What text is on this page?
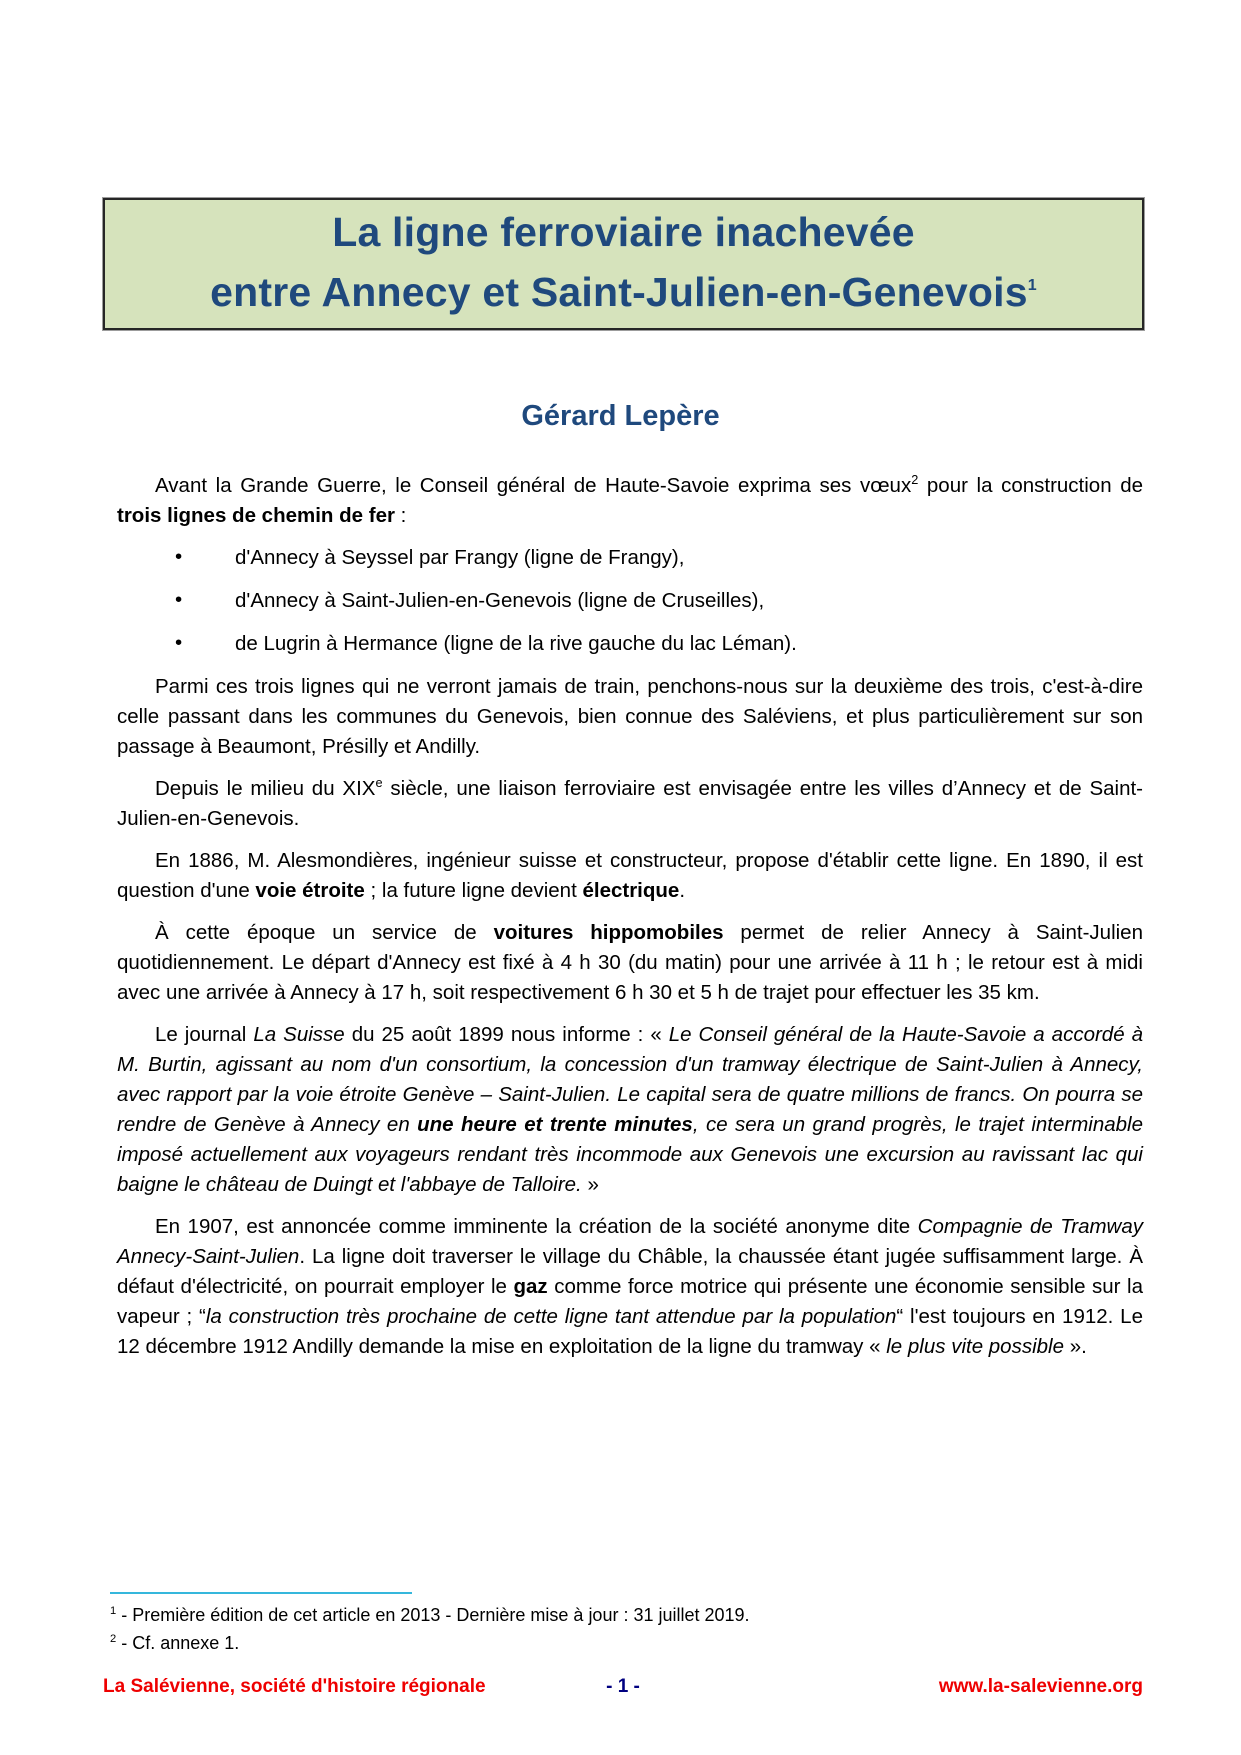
La ligne ferroviaire inachevée
entre Annecy et Saint-Julien-en-Genevois$^1$
Gérard Lepère

Avant la Grande Guerre, le Conseil général de Haute-Savoie exprima ses vœux$^2$ pour la construction de trois lignes de chemin de fer :

•	d'Annecy à Seyssel par Frangy (ligne de Frangy),
•	d'Annecy à Saint-Julien-en-Genevois (ligne de Cruseilles),
•	de Lugrin à Hermance (ligne de la rive gauche du lac Léman).

Parmi ces trois lignes qui ne verront jamais de train, penchons-nous sur la deuxième des trois, c'est-à-dire celle passant dans les communes du Genevois, bien connue des Saléviens, et plus particulièrement sur son passage à Beaumont, Présilly et Andilly.

Depuis le milieu du XIXe siècle, une liaison ferroviaire est envisagée entre les villes d’Annecy et de Saint-Julien-en-Genevois.

En 1886, M. Alesmondières, ingénieur suisse et constructeur, propose d'établir cette ligne. En 1890, il est question d'une voie étroite ; la future ligne devient électrique.

À cette époque un service de voitures hippomobiles permet de relier Annecy à Saint-Julien quotidiennement. Le départ d'Annecy est fixé à 4 h 30 (du matin) pour une arrivée à 11 h ; le retour est à midi avec une arrivée à Annecy à 17 h, soit respectivement 6 h 30 et 5 h de trajet pour effectuer les 35 km.

Le journal La Suisse du 25 août 1899 nous informe : « Le Conseil général de la Haute-Savoie a accordé à M. Burtin, agissant au nom d'un consortium, la concession d'un tramway électrique de Saint-Julien à Annecy, avec rapport par la voie étroite Genève – Saint-Julien. Le capital sera de quatre millions de francs. On pourra se rendre de Genève à Annecy en une heure et trente minutes, ce sera un grand progrès, le trajet interminable imposé actuellement aux voyageurs rendant très incommode aux Genevois une excursion au ravissant lac qui baigne le château de Duingt et l'abbaye de Talloire. »

En 1907, est annoncée comme imminente la création de la société anonyme dite Compagnie de Tramway Annecy-Saint-Julien. La ligne doit traverser le village du Châble, la chaussée étant jugée suffisamment large. À défaut d'électricité, on pourrait employer le gaz comme force motrice qui présente une économie sensible sur la vapeur ; “la construction très prochaine de cette ligne tant attendue par la population“ l'est toujours en 1912. Le 12 décembre 1912 Andilly demande la mise en exploitation de la ligne du tramway « le plus vite possible ».

$^1$ - Première édition de cet article en 2013 - Dernière mise à jour : 31 juillet 2019.
$^2$ - Cf. annexe 1.
La Salévienne, société d'histoire régionale	- 1 -	www.la-salevienne.org
